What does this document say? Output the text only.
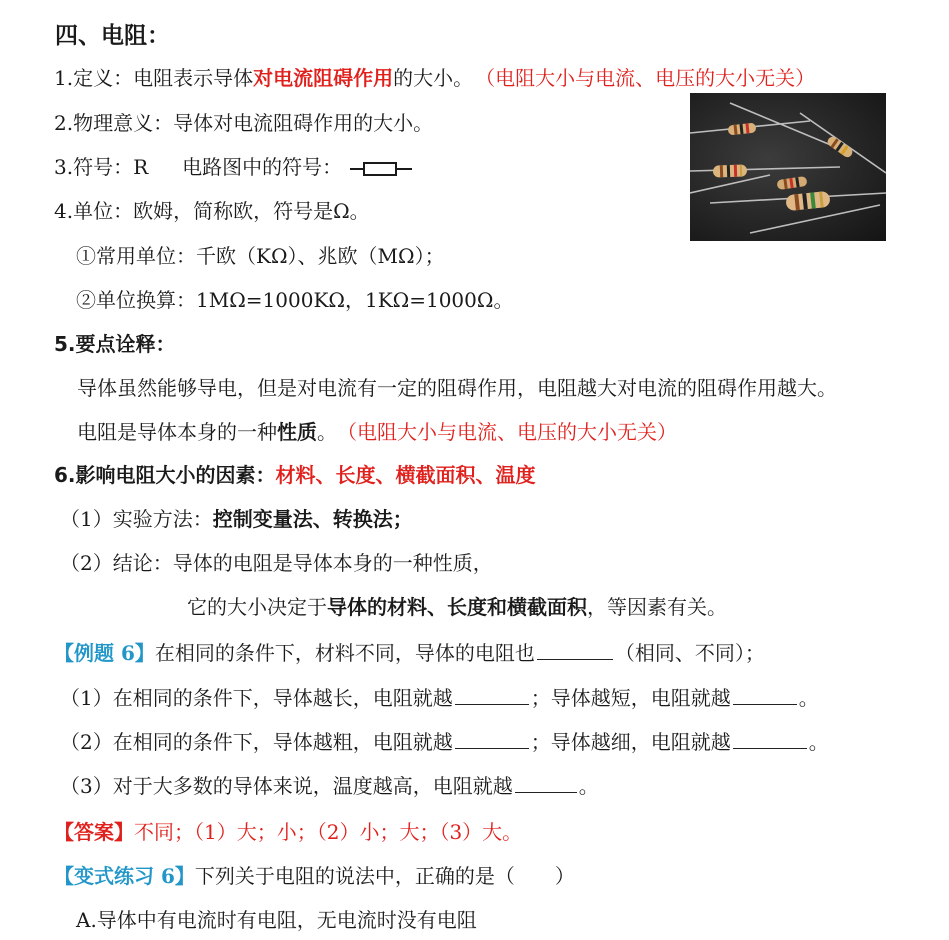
四、电阻：
1.定义：电阻表示导体对电流阻碍作用的大小。 （电阻大小与电流、电压的大小无关）
2.物理意义：导体对电流阻碍作用的大小。
3.符号：R 电路图中的符号：
4.单位：欧姆，简称欧，符号是Ω。
①常用单位：千欧（KΩ）、兆欧（MΩ）；
②单位换算：1MΩ=1000KΩ，1KΩ=1000Ω。
5.要点诠释：
导体虽然能够导电，但是对电流有一定的阻碍作用，电阻越大对电流的阻碍作用越大。
电阻是导体本身的一种性质。 （电阻大小与电流、电压的大小无关）
6.影响电阻大小的因素：材料、长度、横截面积、温度
（1）实验方法：控制变量法、转换法；
（2）结论：导体的电阻是导体本身的一种性质，
它的大小决定于导体的材料、长度和横截面积，等因素有关。
【例题 6】在相同的条件下，材料不同，导体的电阻也	（相同、不同）；
（1）在相同的条件下，导体越长，电阻就越	；导体越短，电阻就越	。
（2）在相同的条件下，导体越粗，电阻就越	；导体越细，电阻就越	。
（3）对于大多数的导体来说，温度越高，电阻就越	。
【答案】不同；（1）大；小；（2）小；大；（3）大。
【变式练习 6】下列关于电阻的说法中，正确的是（　　）
A.导体中有电流时有电阻，无电流时没有电阻
